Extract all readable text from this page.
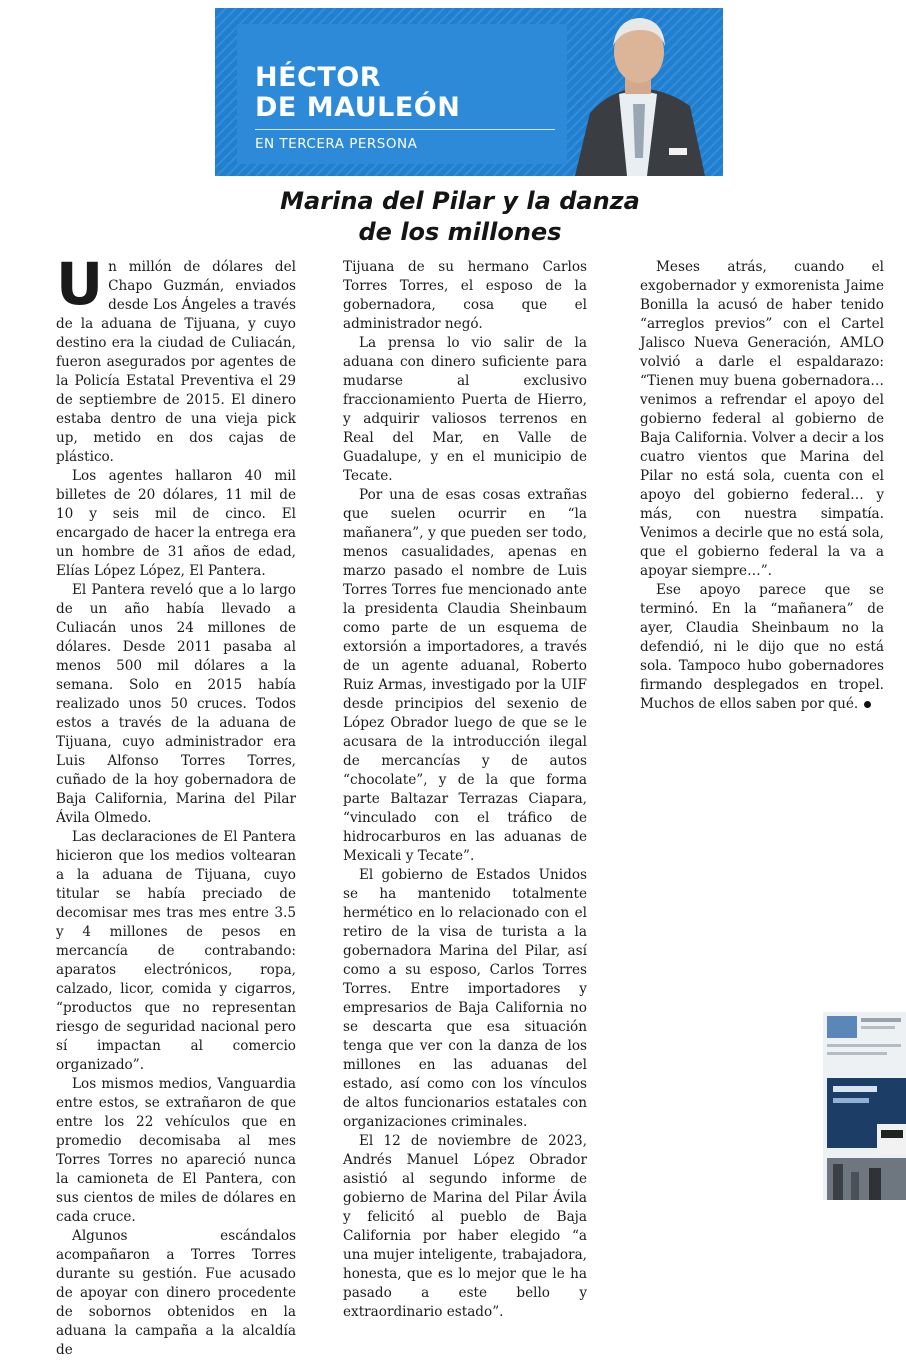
HÉCTOR
DE MAULEÓN
EN TERCERA PERSONA
Marina del Pilar y la danza
de los millones

Un millón de dólares del Chapo Guzmán, enviados desde Los Ángeles a través de la aduana de Tijuana, y cuyo destino era la ciudad de Culiacán, fueron asegurados por agentes de la Policía Estatal Preventiva el 29 de septiembre de 2015. El dinero estaba dentro de una vieja pick up, metido en dos cajas de plástico.

Los agentes hallaron 40 mil billetes de 20 dólares, 11 mil de 10 y seis mil de cinco. El encargado de hacer la entrega era un hombre de 31 años de edad, Elías López López, El Pantera.

El Pantera reveló que a lo largo de un año había llevado a Culiacán unos 24 millones de dólares. Desde 2011 pasaba al menos 500 mil dólares a la semana. Solo en 2015 había realizado unos 50 cruces. Todos estos a través de la aduana de Tijuana, cuyo administrador era Luis Alfonso Torres Torres, cuñado de la hoy gobernadora de Baja California, Marina del Pilar Ávila Olmedo.

Las declaraciones de El Pantera hicieron que los medios voltearan a la aduana de Tijuana, cuyo titular se había preciado de decomisar mes tras mes entre 3.5 y 4 millones de pesos en mercancía de contrabando: aparatos electrónicos, ropa, calzado, licor, comida y cigarros, “productos que no representan riesgo de seguridad nacional pero sí impactan al comercio organizado”.

Los mismos medios, Vanguardia entre estos, se extrañaron de que entre los 22 vehículos que en promedio decomisaba al mes Torres Torres no apareció nunca la camioneta de El Pantera, con sus cientos de miles de dólares en cada cruce.

Algunos escándalos acompañaron a Torres Torres durante su gestión. Fue acusado de apoyar con dinero procedente de sobornos obtenidos en la aduana la campaña a la alcaldía de

Tijuana de su hermano Carlos Torres Torres, el esposo de la gobernadora, cosa que el administrador negó.

La prensa lo vio salir de la aduana con dinero suficiente para mudarse al exclusivo fraccionamiento Puerta de Hierro, y adquirir valiosos terrenos en Real del Mar, en Valle de Guadalupe, y en el municipio de Tecate.

Por una de esas cosas extrañas que suelen ocurrir en “la mañanera”, y que pueden ser todo, menos casualidades, apenas en marzo pasado el nombre de Luis Torres Torres fue mencionado ante la presidenta Claudia Sheinbaum como parte de un esquema de extorsión a importadores, a través de un agente aduanal, Roberto Ruiz Armas, investigado por la UIF desde principios del sexenio de López Obrador luego de que se le acusara de la introducción ilegal de mercancías y de autos “chocolate”, y de la que forma parte Baltazar Terrazas Ciapara, “vinculado con el tráfico de hidrocarburos en las aduanas de Mexicali y Tecate”.

El gobierno de Estados Unidos se ha mantenido totalmente hermético en lo relacionado con el retiro de la visa de turista a la gobernadora Marina del Pilar, así como a su esposo, Carlos Torres Torres. Entre importadores y empresarios de Baja California no se descarta que esa situación tenga que ver con la danza de los millones en las aduanas del estado, así como con los vínculos de altos funcionarios estatales con organizaciones criminales.

El 12 de noviembre de 2023, Andrés Manuel López Obrador asistió al segundo informe de gobierno de Marina del Pilar Ávila y felicitó al pueblo de Baja California por haber elegido “a una mujer inteligente, trabajadora, honesta, que es lo mejor que le ha pasado a este bello y extraordinario estado”.

Meses atrás, cuando el exgobernador y exmorenista Jaime Bonilla la acusó de haber tenido “arreglos previos” con el Cartel Jalisco Nueva Generación, AMLO volvió a darle el espaldarazo: “Tienen muy buena gobernadora… venimos a refrendar el apoyo del gobierno federal al gobierno de Baja California. Volver a decir a los cuatro vientos que Marina del Pilar no está sola, cuenta con el apoyo del gobierno federal… y más, con nuestra simpatía. Venimos a decirle que no está sola, que el gobierno federal la va a apoyar siempre…”.

Ese apoyo parece que se terminó. En la “mañanera” de ayer, Claudia Sheinbaum no la defendió, ni le dijo que no está sola. Tampoco hubo gobernadores firmando desplegados en tropel. Muchos de ellos saben por qué.
